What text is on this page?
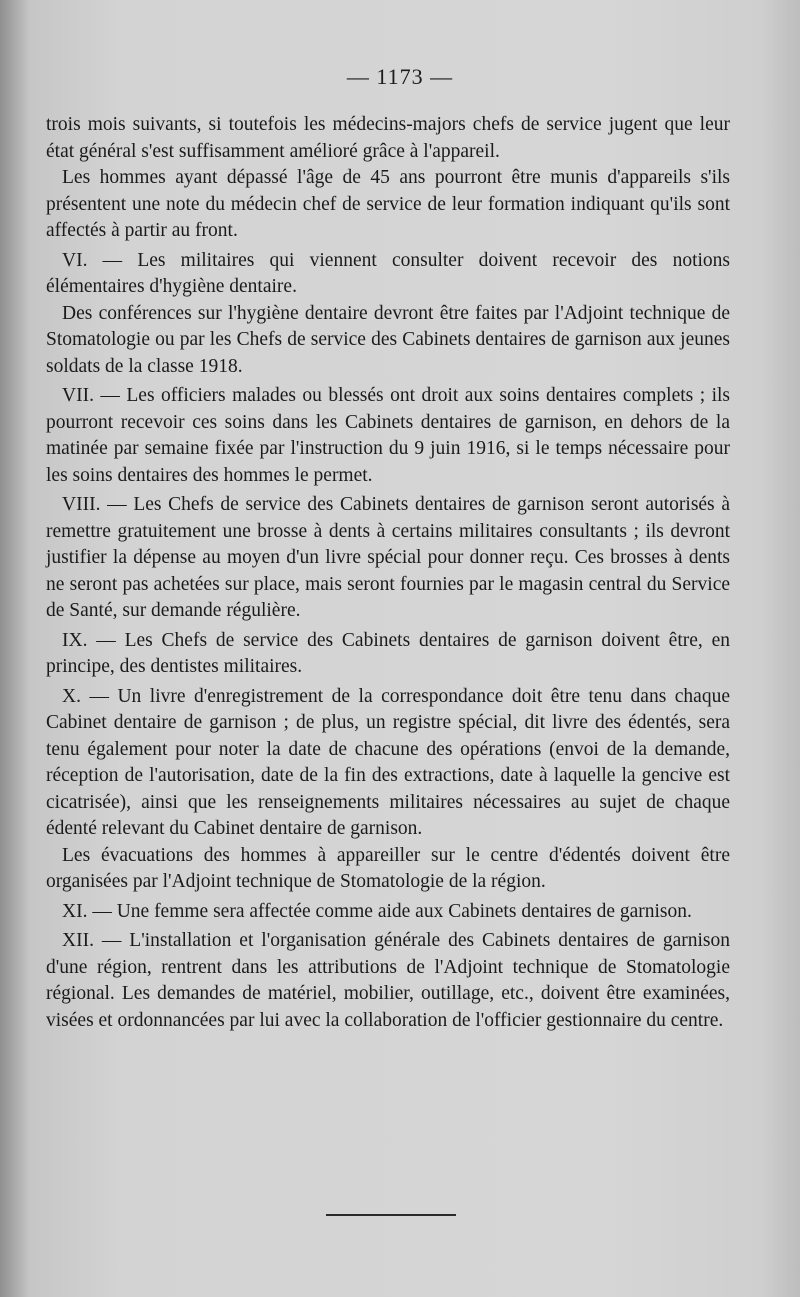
— 1173 —

trois mois suivants, si toutefois les médecins-majors chefs de service jugent que leur état général s'est suffisamment amélioré grâce à l'appareil.

Les hommes ayant dépassé l'âge de 45 ans pourront être munis d'appareils s'ils présentent une note du médecin chef de service de leur formation indiquant qu'ils sont affectés à partir au front.

VI. — Les militaires qui viennent consulter doivent recevoir des notions élémentaires d'hygiène dentaire.

Des conférences sur l'hygiène dentaire devront être faites par l'Adjoint technique de Stomatologie ou par les Chefs de service des Cabinets dentaires de garnison aux jeunes soldats de la classe 1918.

VII. — Les officiers malades ou blessés ont droit aux soins dentaires complets ; ils pourront recevoir ces soins dans les Cabinets dentaires de garnison, en dehors de la matinée par semaine fixée par l'instruction du 9 juin 1916, si le temps nécessaire pour les soins dentaires des hommes le permet.

VIII. — Les Chefs de service des Cabinets dentaires de garnison seront autorisés à remettre gratuitement une brosse à dents à certains militaires consultants ; ils devront justifier la dépense au moyen d'un livre spécial pour donner reçu. Ces brosses à dents ne seront pas achetées sur place, mais seront fournies par le magasin central du Service de Santé, sur demande régulière.

IX. — Les Chefs de service des Cabinets dentaires de garnison doivent être, en principe, des dentistes militaires.

X. — Un livre d'enregistrement de la correspondance doit être tenu dans chaque Cabinet dentaire de garnison ; de plus, un registre spécial, dit livre des édentés, sera tenu également pour noter la date de chacune des opérations (envoi de la demande, réception de l'autorisation, date de la fin des extractions, date à laquelle la gencive est cicatrisée), ainsi que les renseignements militaires nécessaires au sujet de chaque édenté relevant du Cabinet dentaire de garnison.

Les évacuations des hommes à appareiller sur le centre d'édentés doivent être organisées par l'Adjoint technique de Stomatologie de la région.

XI. — Une femme sera affectée comme aide aux Cabinets dentaires de garnison.

XII. — L'installation et l'organisation générale des Cabinets dentaires de garnison d'une région, rentrent dans les attributions de l'Adjoint technique de Stomatologie régional. Les demandes de matériel, mobilier, outillage, etc., doivent être examinées, visées et ordonnancées par lui avec la collaboration de l'officier gestionnaire du centre.
